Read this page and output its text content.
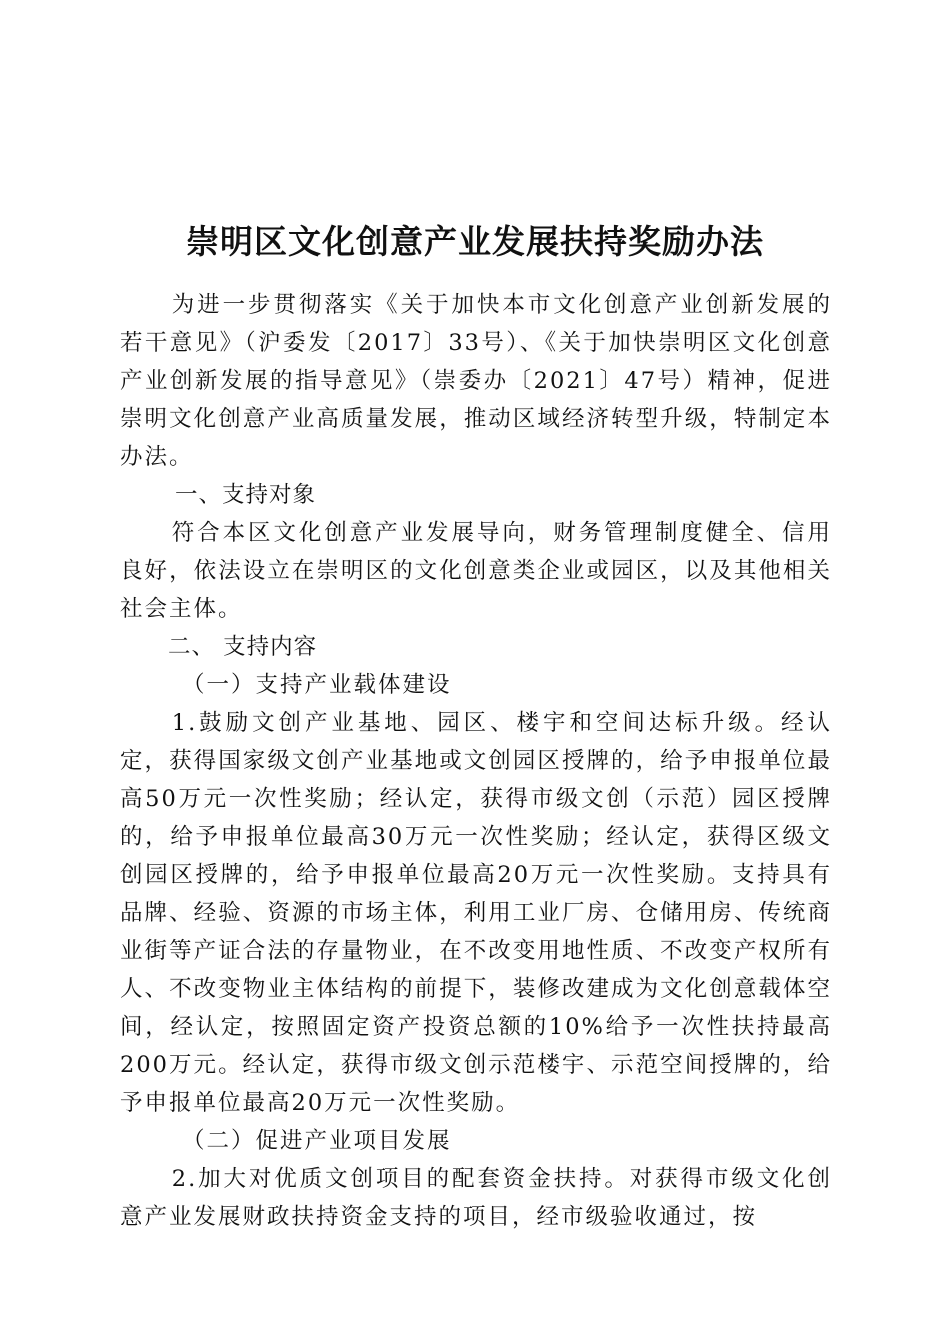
崇明区文化创意产业发展扶持奖励办法

为进一步贯彻落实《关于加快本市文化创意产业创新发展的若干意见》（沪委发〔2017〕33号）、《关于加快崇明区文化创意产业创新发展的指导意见》（崇委办〔2021〕47号）精神，促进崇明文化创意产业高质量发展，推动区域经济转型升级，特制定本办法。

一、支持对象

符合本区文化创意产业发展导向，财务管理制度健全、信用良好，依法设立在崇明区的文化创意类企业或园区，以及其他相关社会主体。

二、 支持内容

（一）支持产业载体建设

1.鼓励文创产业基地、园区、楼宇和空间达标升级。经认定，获得国家级文创产业基地或文创园区授牌的，给予申报单位最高50万元一次性奖励；经认定，获得市级文创（示范）园区授牌的，给予申报单位最高30万元一次性奖励；经认定，获得区级文创园区授牌的，给予申报单位最高20万元一次性奖励。支持具有品牌、经验、资源的市场主体，利用工业厂房、仓储用房、传统商业街等产证合法的存量物业，在不改变用地性质、不改变产权所有人、不改变物业主体结构的前提下，装修改建成为文化创意载体空间，经认定，按照固定资产投资总额的10%给予一次性扶持最高200万元。经认定，获得市级文创示范楼宇、示范空间授牌的，给予申报单位最高20万元一次性奖励。

（二）促进产业项目发展

2.加大对优质文创项目的配套资金扶持。对获得市级文化创意产业发展财政扶持资金支持的项目，经市级验收通过，按
